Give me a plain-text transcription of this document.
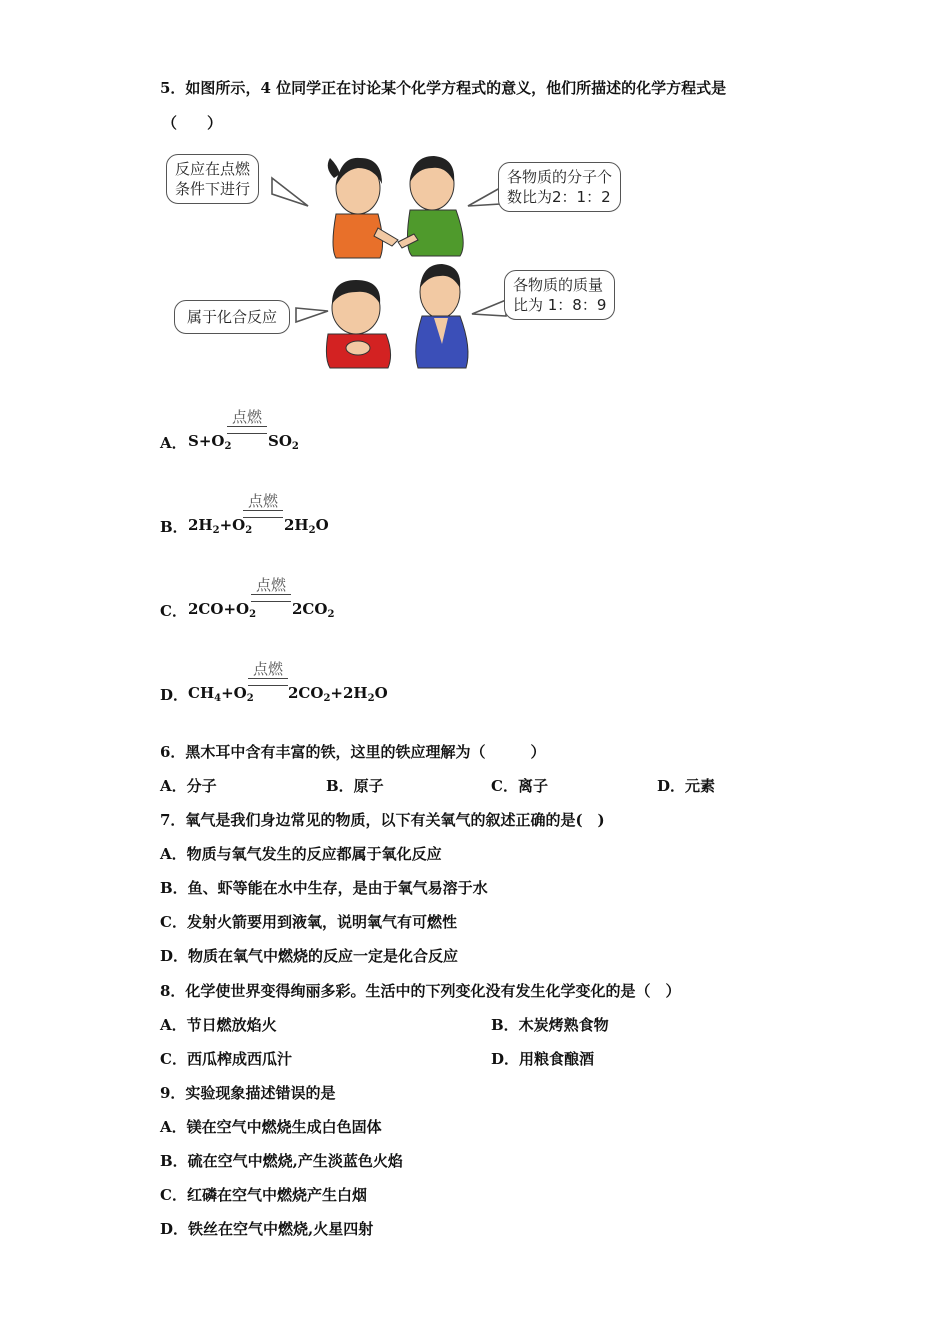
5．如图所示，4 位同学正在讨论某个化学方程式的意义，他们所描述的化学方程式是
（　　）
反应在点燃
条件下进行
各物质的分子个
数比为2：1：2
属于化合反应
各物质的质量
比为 1：8：9
A． $S+O_2$
点燃
$SO_2$
B． $2H_2+O_2$
点燃
$2H_2O$
C． $2CO+O_2$
点燃
$2CO_2$
D． $CH_4+O_2$
点燃
$2CO_2+2H_2O$
6．黑木耳中含有丰富的铁，这里的铁应理解为（　　　）
A．分子	B．原子	C．离子	D．元素
7．氧气是我们身边常见的物质，以下有关氧气的叙述正确的是(　)
A．物质与氧气发生的反应都属于氧化反应
B．鱼、虾等能在水中生存，是由于氧气易溶于水
C．发射火箭要用到液氧，说明氧气有可燃性
D．物质在氧气中燃烧的反应一定是化合反应
8．化学使世界变得绚丽多彩。生活中的下列变化没有发生化学变化的是（　）
A．节日燃放焰火	B．木炭烤熟食物
C．西瓜榨成西瓜汁	D．用粮食酿酒
9．实验现象描述错误的是
A．镁在空气中燃烧生成白色固体
B．硫在空气中燃烧,产生淡蓝色火焰
C．红磷在空气中燃烧产生白烟
D．铁丝在空气中燃烧,火星四射
